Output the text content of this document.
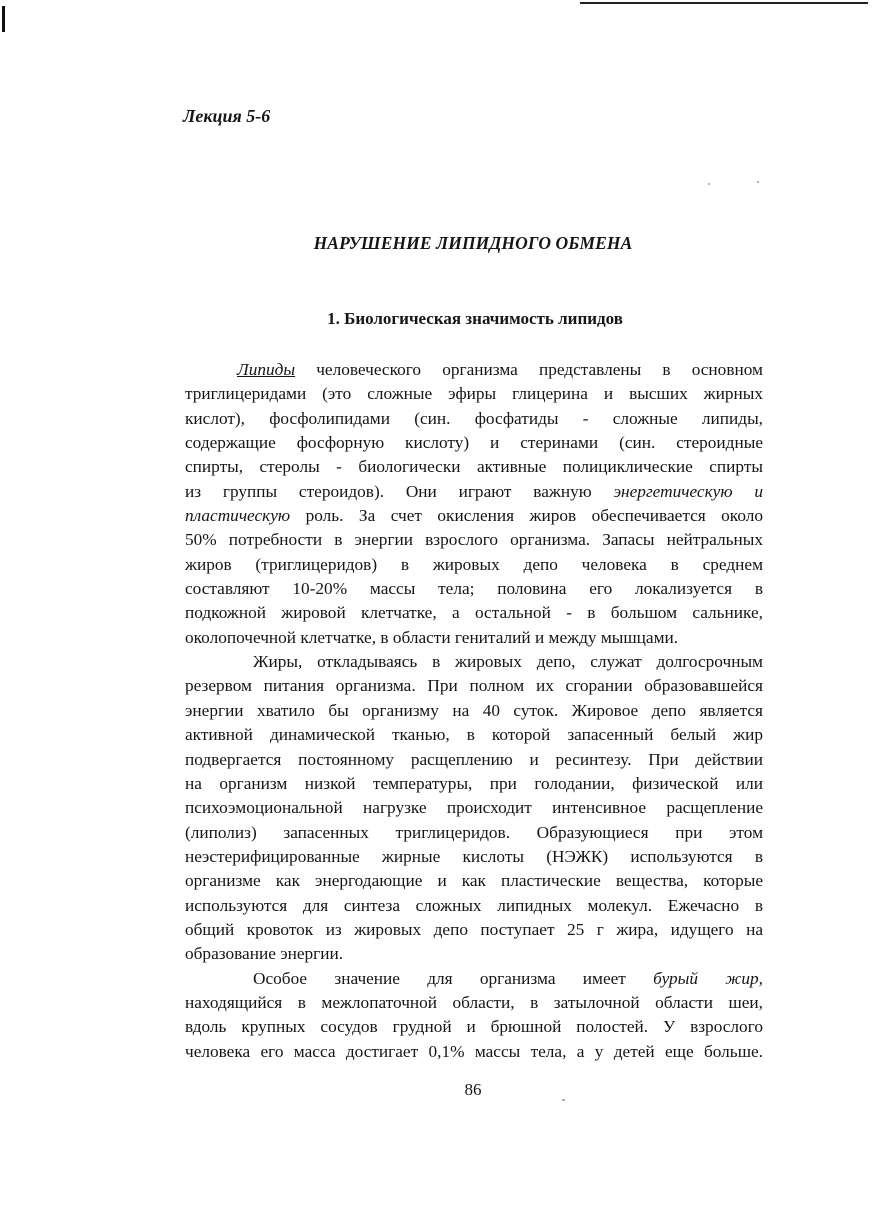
Лекция 5-6
НАРУШЕНИЕ ЛИПИДНОГО ОБМЕНА
1. Биологическая значимость липидов

Липиды человеческого организма представлены в основном
триглицеридами (это сложные эфиры глицерина и высших жирных
кислот), фосфолипидами (син. фосфатиды - сложные липиды,
содержащие фосфорную кислоту) и стеринами (син. стероидные
спирты, стеролы - биологически активные полициклические спирты
из группы стероидов). Они играют важную энергетическую и
пластическую роль. За счет окисления жиров обеспечивается около
50% потребности в энергии взрослого организма. Запасы нейтральных
жиров (триглицеридов) в жировых депо человека в среднем
составляют 10-20% массы тела; половина его локализуется в
подкожной жировой клетчатке, а остальной - в большом сальнике,
околопочечной клетчатке, в области гениталий и между мышцами.

Жиры, откладываясь в жировых депо, служат долгосрочным
резервом питания организма. При полном их сгорании образовавшейся
энергии хватило бы организму на 40 суток. Жировое депо является
активной динамической тканью, в которой запасенный белый жир
подвергается постоянному расщеплению и ресинтезу. При действии
на организм низкой температуры, при голодании, физической или
психоэмоциональной нагрузке происходит интенсивное расщепление
(липолиз) запасенных триглицеридов. Образующиеся при этом
неэстерифицированные жирные кислоты (НЭЖК) используются в
организме как энергодающие и как пластические вещества, которые
используются для синтеза сложных липидных молекул. Ежечасно в
общий кровоток из жировых депо поступает 25 г жира, идущего на
образование энергии.

Особое значение для организма имеет бурый жир,
находящийся в межлопаточной области, в затылочной области шеи,
вдоль крупных сосудов грудной и брюшной полостей. У взрослого
человека его масса достигает 0,1% массы тела, а у детей еще больше.

86
